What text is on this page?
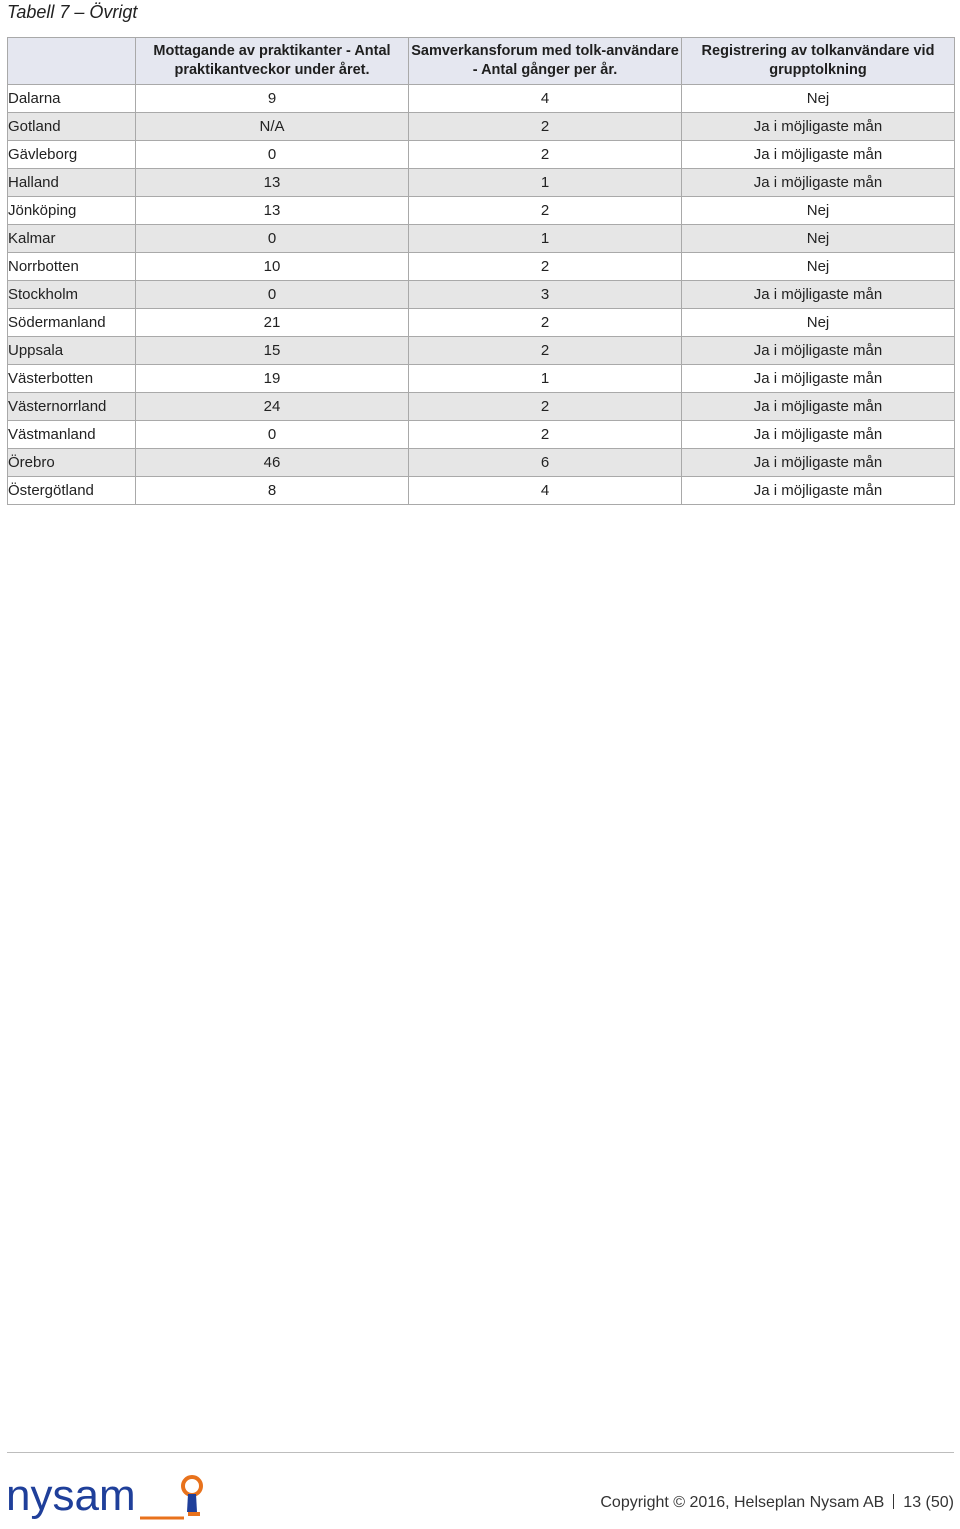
Tabell 7 – Övrigt
	Mottagande av praktikanter - Antal praktikantveckor under året.	Samverkansforum med tolk-användare - Antal gånger per år.	Registrering av tolkanvändare vid grupptolkning
Dalarna	9	4	Nej
Gotland	N/A	2	Ja i möjligaste mån
Gävleborg	0	2	Ja i möjligaste mån
Halland	13	1	Ja i möjligaste mån
Jönköping	13	2	Nej
Kalmar	0	1	Nej
Norrbotten	10	2	Nej
Stockholm	0	3	Ja i möjligaste mån
Södermanland	21	2	Nej
Uppsala	15	2	Ja i möjligaste mån
Västerbotten	19	1	Ja i möjligaste mån
Västernorrland	24	2	Ja i möjligaste mån
Västmanland	0	2	Ja i möjligaste mån
Örebro	46	6	Ja i möjligaste mån
Östergötland	8	4	Ja i möjligaste mån
nysam	Copyright © 2016, Helseplan Nysam AB 13 (50)
